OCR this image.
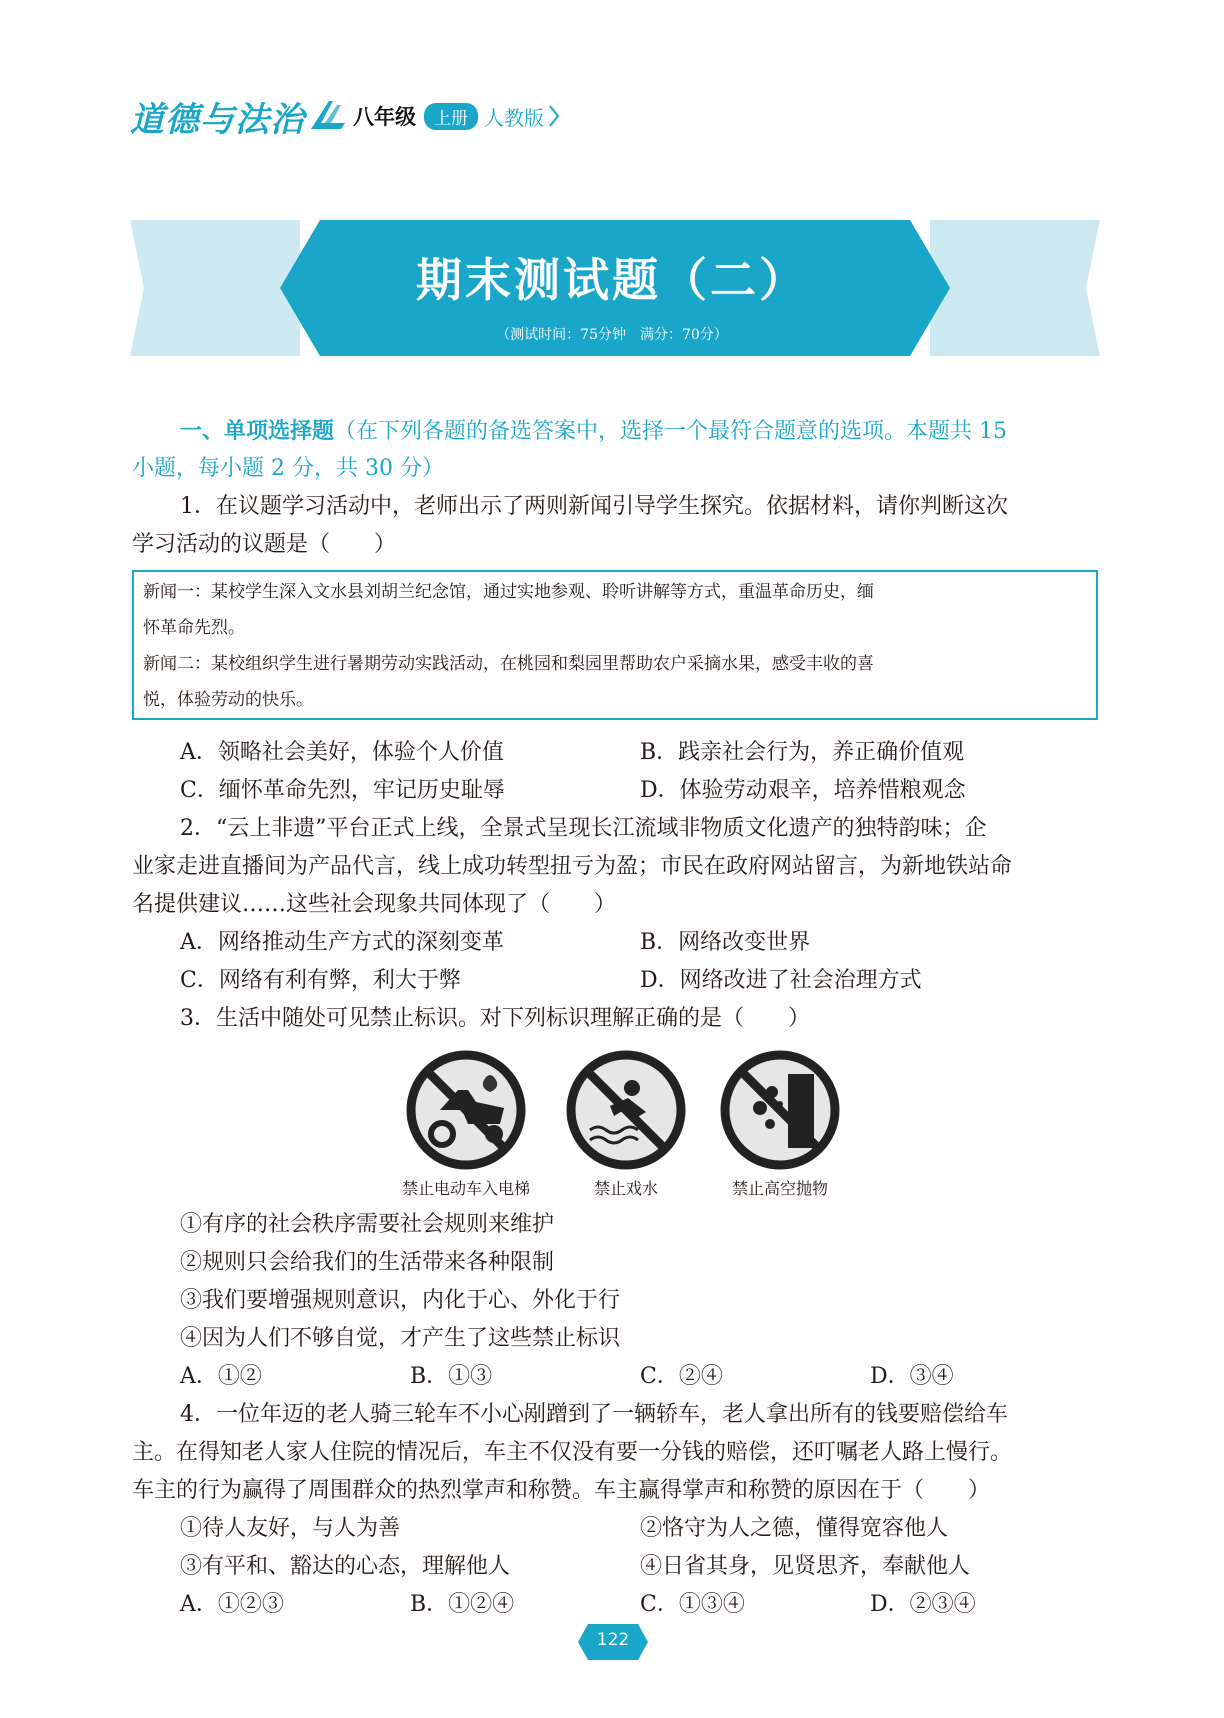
道德与法治 八年级	上册 人教版
期末测试题（二）
（测试时间：75分钟　满分：70分）
一、单项选择题（在下列各题的备选答案中，选择一个最符合题意的选项。本题共 15
小题，每小题 2 分，共 30 分）
1．在议题学习活动中，老师出示了两则新闻引导学生探究。依据材料，请你判断这次
学习活动的议题是（　　）
新闻一：某校学生深入文水县刘胡兰纪念馆，通过实地参观、聆听讲解等方式，重温革命历史，缅
怀革命先烈。
新闻二：某校组织学生进行暑期劳动实践活动，在桃园和梨园里帮助农户采摘水果，感受丰收的喜
悦，体验劳动的快乐。
A．领略社会美好，体验个人价值	B．践亲社会行为，养正确价值观
C．缅怀革命先烈，牢记历史耻辱	D．体验劳动艰辛，培养惜粮观念
2．“云上非遗”平台正式上线，全景式呈现长江流域非物质文化遗产的独特韵味；企
业家走进直播间为产品代言，线上成功转型扭亏为盈；市民在政府网站留言，为新地铁站命
名提供建议……这些社会现象共同体现了（　　）
A．网络推动生产方式的深刻变革	B．网络改变世界
C．网络有利有弊，利大于弊	D．网络改进了社会治理方式
3．生活中随处可见禁止标识。对下列标识理解正确的是（　　）
禁止电动车入电梯	禁止戏水	禁止高空抛物
①有序的社会秩序需要社会规则来维护
②规则只会给我们的生活带来各种限制
③我们要增强规则意识，内化于心、外化于行
④因为人们不够自觉，才产生了这些禁止标识
A．①②	B．①③	C．②④	D．③④
4．一位年迈的老人骑三轮车不小心剐蹭到了一辆轿车，老人拿出所有的钱要赔偿给车
主。在得知老人家人住院的情况后，车主不仅没有要一分钱的赔偿，还叮嘱老人路上慢行。
车主的行为赢得了周围群众的热烈掌声和称赞。车主赢得掌声和称赞的原因在于（　　）
①待人友好，与人为善	②恪守为人之德，懂得宽容他人
③有平和、豁达的心态，理解他人	④日省其身，见贤思齐，奉献他人
A．①②③	B．①②④	C．①③④	D．②③④
122
